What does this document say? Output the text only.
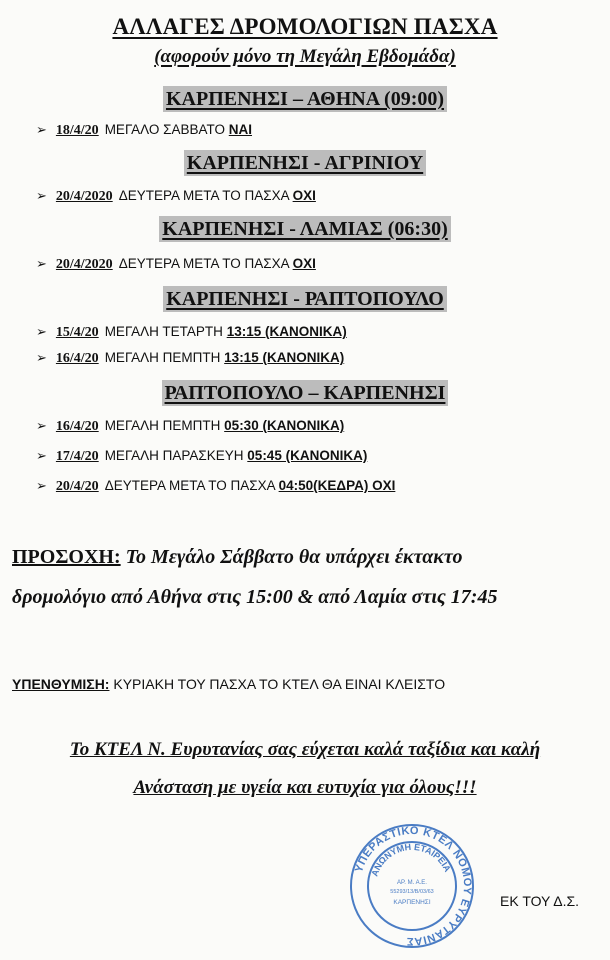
ΑΛΛΑΓΕΣ ΔΡΟΜΟΛΟΓΙΩΝ ΠΑΣΧΑ
(αφορούν μόνο τη Μεγάλη Εβδομάδα)
ΚΑΡΠΕΝΗΣΙ – ΑΘΗΝΑ (09:00)
➢ 18/4/20 ΜΕΓΑΛΟ ΣΑΒΒΑΤΟ ΝΑΙ
ΚΑΡΠΕΝΗΣΙ - ΑΓΡΙΝΙΟΥ
➢ 20/4/2020 ΔΕΥΤΕΡΑ ΜΕΤΑ ΤΟ ΠΑΣΧΑ ΟΧΙ
ΚΑΡΠΕΝΗΣΙ - ΛΑΜΙΑΣ (06:30)
➢ 20/4/2020 ΔΕΥΤΕΡΑ ΜΕΤΑ ΤΟ ΠΑΣΧΑ ΟΧΙ
ΚΑΡΠΕΝΗΣΙ - ΡΑΠΤΟΠΟΥΛΟ
➢ 15/4/20 ΜΕΓΑΛΗ ΤΕΤΑΡΤΗ 13:15 (ΚΑΝΟΝΙΚΑ)
➢ 16/4/20 ΜΕΓΑΛΗ ΠΕΜΠΤΗ 13:15 (ΚΑΝΟΝΙΚΑ)
ΡΑΠΤΟΠΟΥΛΟ – ΚΑΡΠΕΝΗΣΙ
➢ 16/4/20 ΜΕΓΑΛΗ ΠΕΜΠΤΗ 05:30 (ΚΑΝΟΝΙΚΑ)
➢ 17/4/20 ΜΕΓΑΛΗ ΠΑΡΑΣΚΕΥΗ 05:45 (ΚΑΝΟΝΙΚΑ)
➢ 20/4/20 ΔΕΥΤΕΡΑ ΜΕΤΑ ΤΟ ΠΑΣΧΑ 04:50(ΚΕΔΡΑ) ΟΧΙ
ΠΡΟΣΟΧΗ: Το Μεγάλο Σάββατο θα υπάρχει έκτακτο
δρομολόγιο από Αθήνα στις 15:00 & από Λαμία στις 17:45
ΥΠΕΝΘΥΜΙΣΗ: ΚΥΡΙΑΚΗ ΤΟΥ ΠΑΣΧΑ ΤΟ ΚΤΕΛ ΘΑ ΕΙΝΑΙ ΚΛΕΙΣΤΟ
Το ΚΤΕΛ Ν. Ευρυτανίας σας εύχεται καλά ταξίδια και καλή
Ανάσταση με υγεία και ευτυχία για όλους!!!
ΥΠΕΡΑΣΤΙΚΟ ΚΤΕΛ ΝΟΜΟΥ ΕΥΡΥΤΑΝΙΑΣ
ΑΝΩΝΥΜΗ ΕΤΑΙΡΕΙΑ
ΑΡ. Μ. Α.Ε.
55293/13/Β/03/63
ΚΑΡΠΕΝΗΣΙ	ΕΚ ΤΟΥ Δ.Σ.
